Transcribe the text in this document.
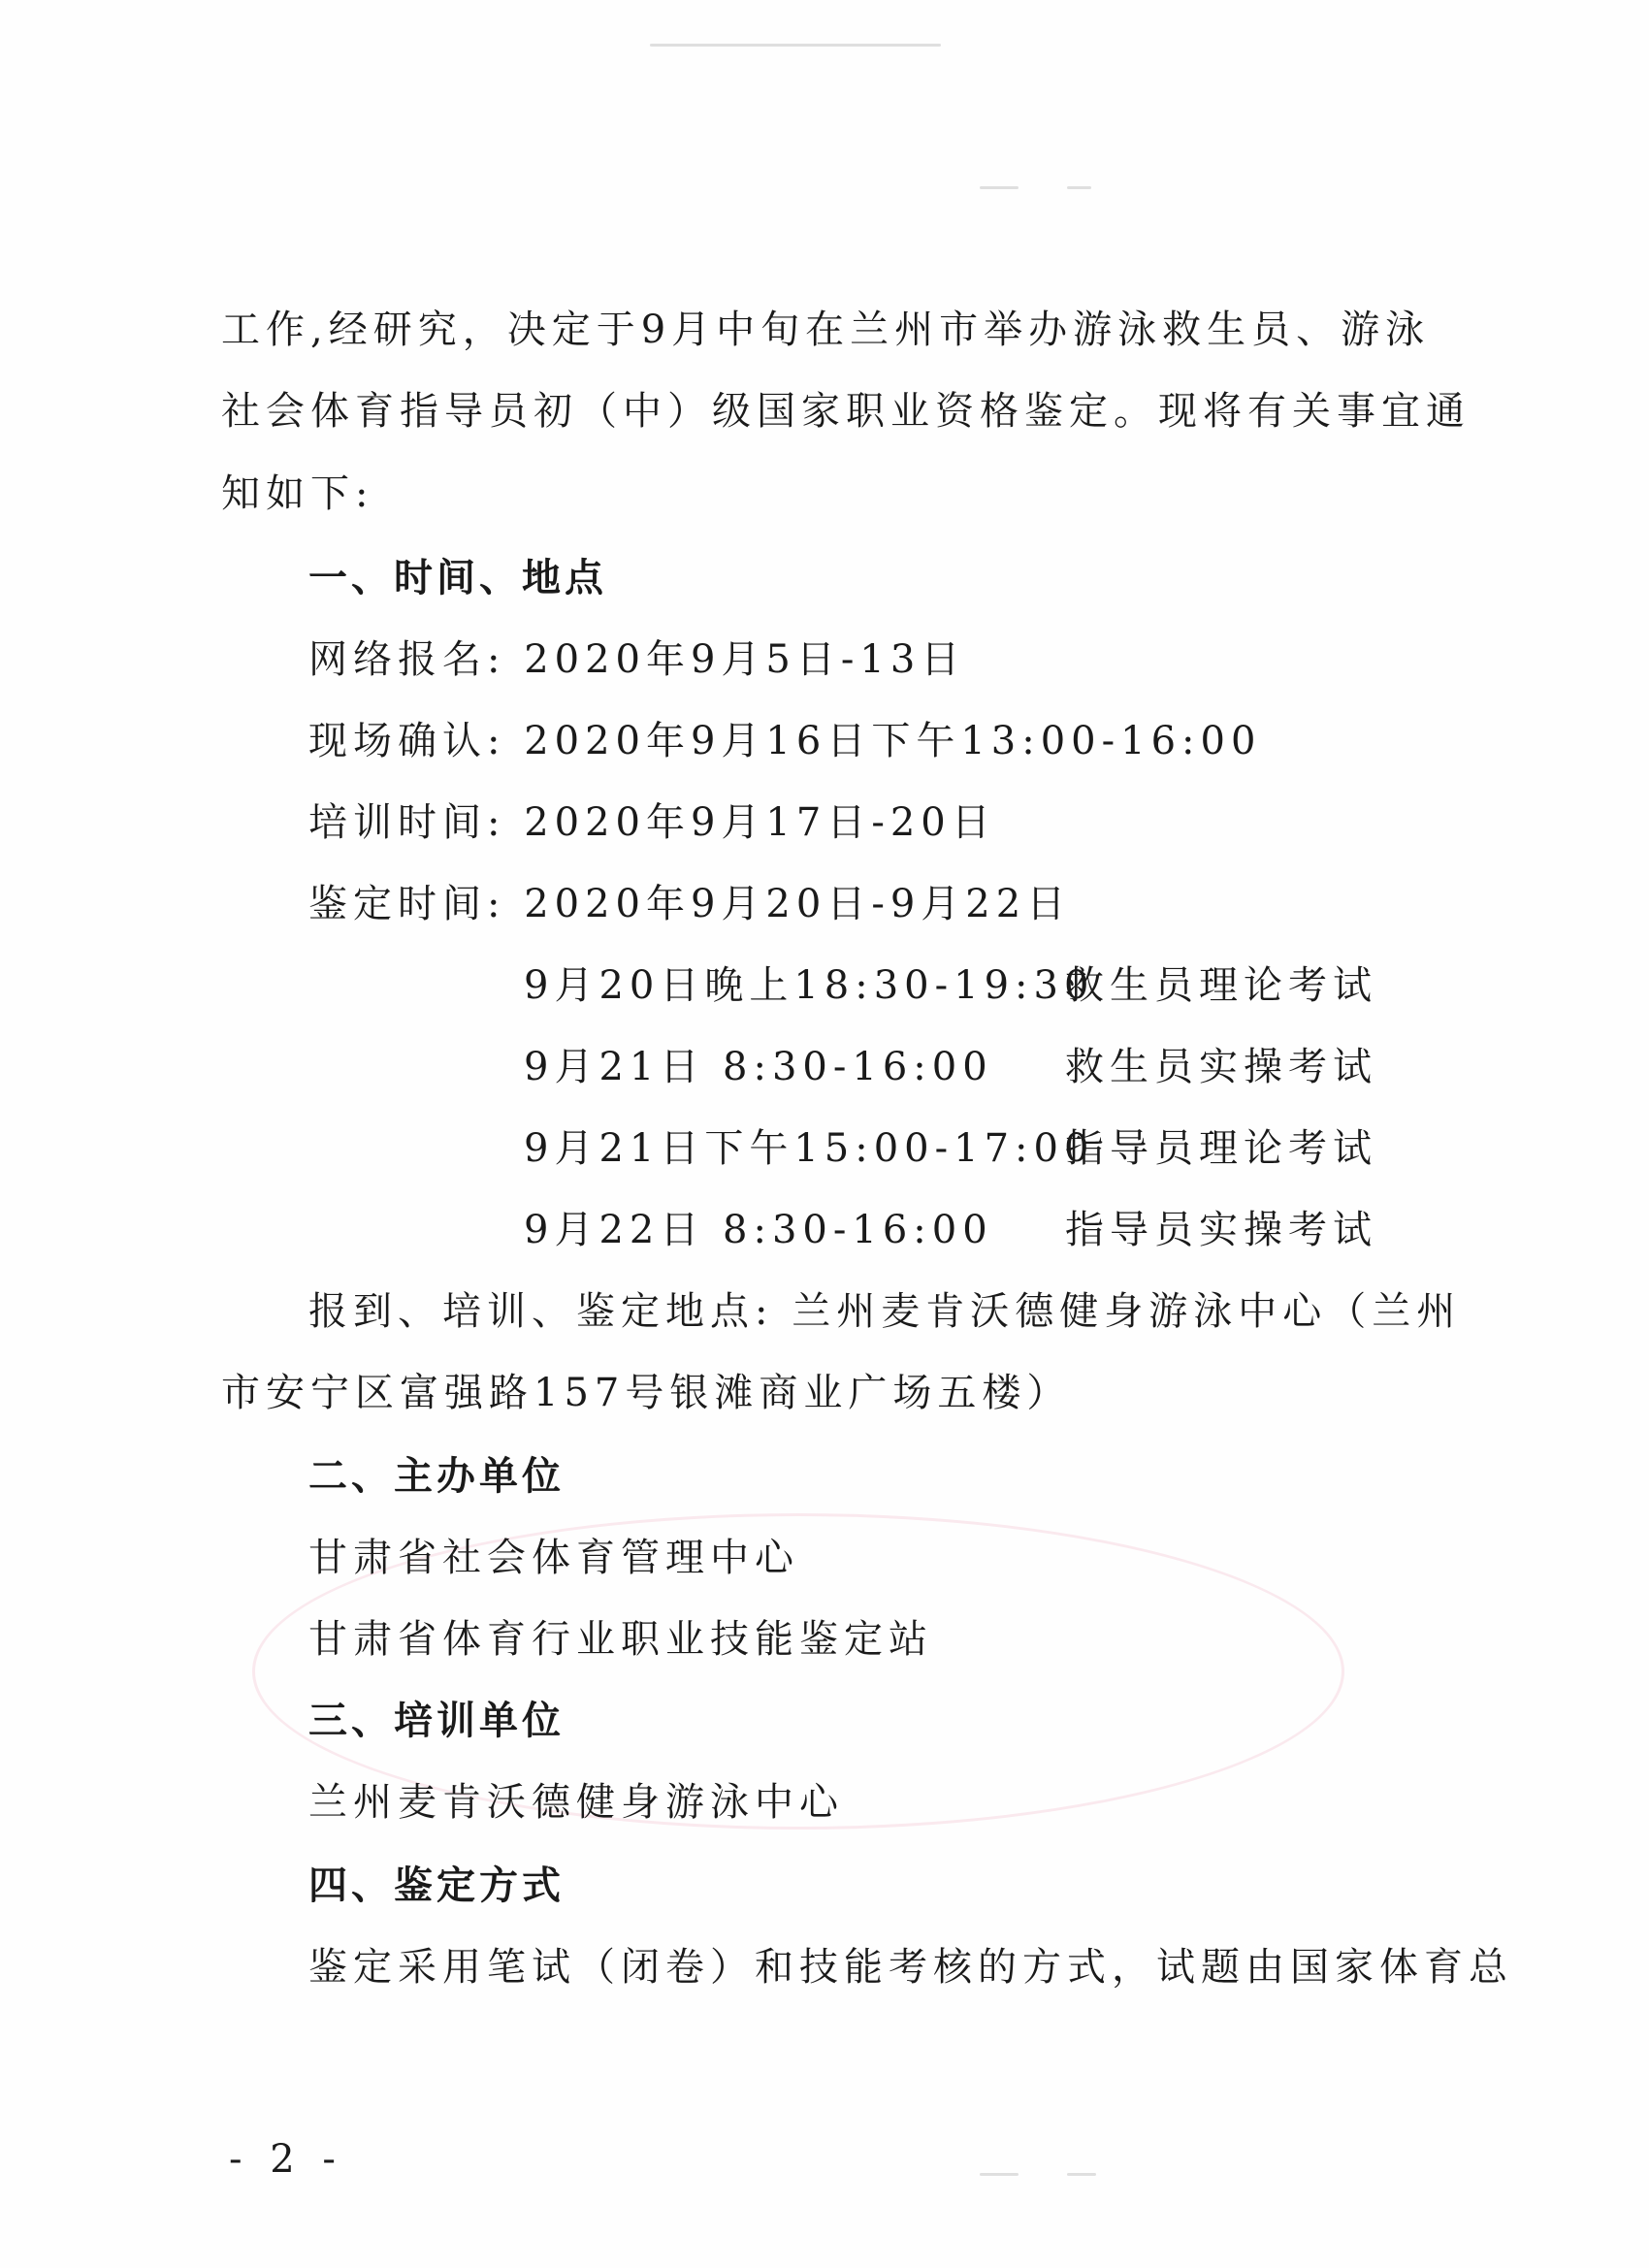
工作,经研究，决定于9月中旬在兰州市举办游泳救生员、游泳
社会体育指导员初（中）级国家职业资格鉴定。现将有关事宜通
知如下:
一、时间、地点
网络报名: 2020年9月5日-13日
现场确认: 2020年9月16日下午13:00-16:00
培训时间: 2020年9月17日-20日
鉴定时间: 2020年9月20日-9月22日
9月20日晚上18:30-19:30
救生员理论考试
9月21日 8:30-16:00 救生员实操考试
9月21日下午15:00-17:00
指导员理论考试
9月22日 8:30-16:00 指导员实操考试
报到、培训、鉴定地点: 兰州麦肯沃德健身游泳中心（兰州
市安宁区富强路157号银滩商业广场五楼）
二、主办单位
甘肃省社会体育管理中心
甘肃省体育行业职业技能鉴定站
三、培训单位
兰州麦肯沃德健身游泳中心
四、鉴定方式
鉴定采用笔试（闭卷）和技能考核的方式，试题由国家体育总
- 2 -
